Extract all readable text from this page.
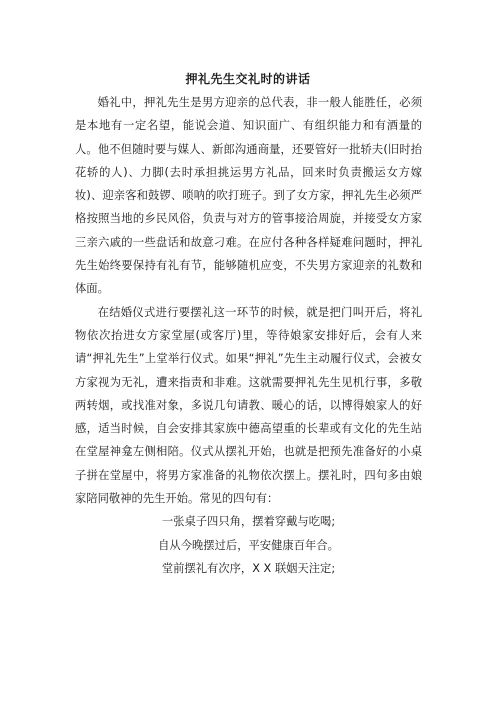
押礼先生交礼时的讲话

婚礼中，押礼先生是男方迎亲的总代表，非一般人能胜任，必须是本地有一定名望，能说会道、知识面广、有组织能力和有酒量的人。他不但随时要与媒人、新郎沟通商量，还要管好一批轿夫(旧时抬花轿的人)、力脚(去时承担挑运男方礼品，回来时负责搬运女方嫁妆)、迎亲客和鼓锣、唢呐的吹打班子。到了女方家，押礼先生必须严格按照当地的乡民风俗，负责与对方的管事接洽周旋，并接受女方家三亲六戚的一些盘话和故意刁难。在应付各种各样疑难问题时，押礼先生始终要保持有礼有节，能够随机应变，不失男方家迎亲的礼数和体面。

在结婚仪式进行要摆礼这一环节的时候，就是把门叫开后，将礼物依次抬进女方家堂屋(或客厅)里，等待娘家安排好后，会有人来请“押礼先生”上堂举行仪式。如果“押礼”先生主动履行仪式，会被女方家视为无礼，遭来指责和非难。这就需要押礼先生见机行事，多敬两转烟，或找准对象，多说几句请教、暖心的话，以博得娘家人的好感，适当时候，自会安排其家族中德高望重的长辈或有文化的先生站在堂屋神龛左侧相陪。仪式从摆礼开始，也就是把预先准备好的小桌子拼在堂屋中，将男方家准备的礼物依次摆上。摆礼时，四句多由娘家陪同敬神的先生开始。常见的四句有：

一张桌子四只角，摆着穿戴与吃喝;

自从今晚摆过后，平安健康百年合。

堂前摆礼有次序，X X 联姻天注定;
